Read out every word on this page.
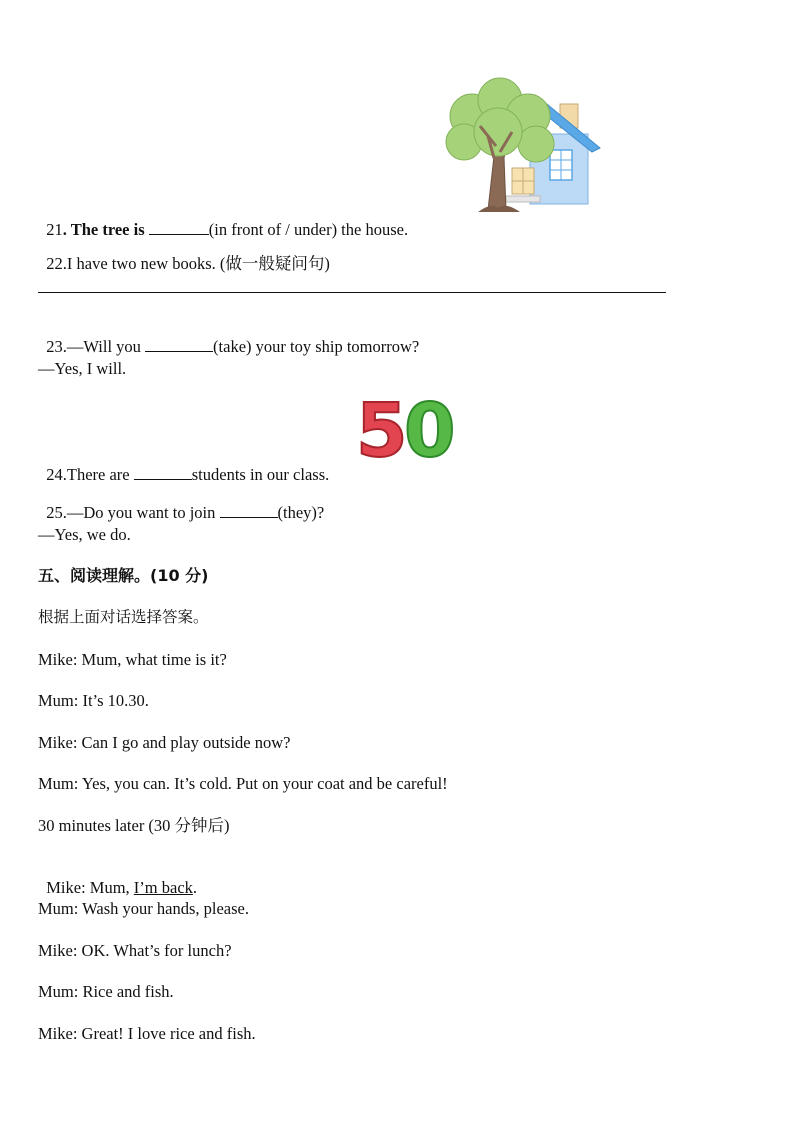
5
0

21. The tree is	(in front of / under) the house.

22.I have two new books. (做一般疑问句)

23.—Will you	(take) your toy ship tomorrow?

—Yes, I will.

24.There are	students in our class.

25.—Do you want to join	(they)?

—Yes, we do.
五、阅读理解。(10 分)
根据上面对话选择答案。
Mike: Mum, what time is it?
Mum: It’s 10.30.
Mike: Can I go and play outside now?
Mum: Yes, you can. It’s cold. Put on your coat and be careful!
30 minutes later (30 分钟后)

Mike: Mum, I’m back.

Mum: Wash your hands, please.
Mike: OK. What’s for lunch?
Mum: Rice and fish.
Mike: Great! I love rice and fish.
